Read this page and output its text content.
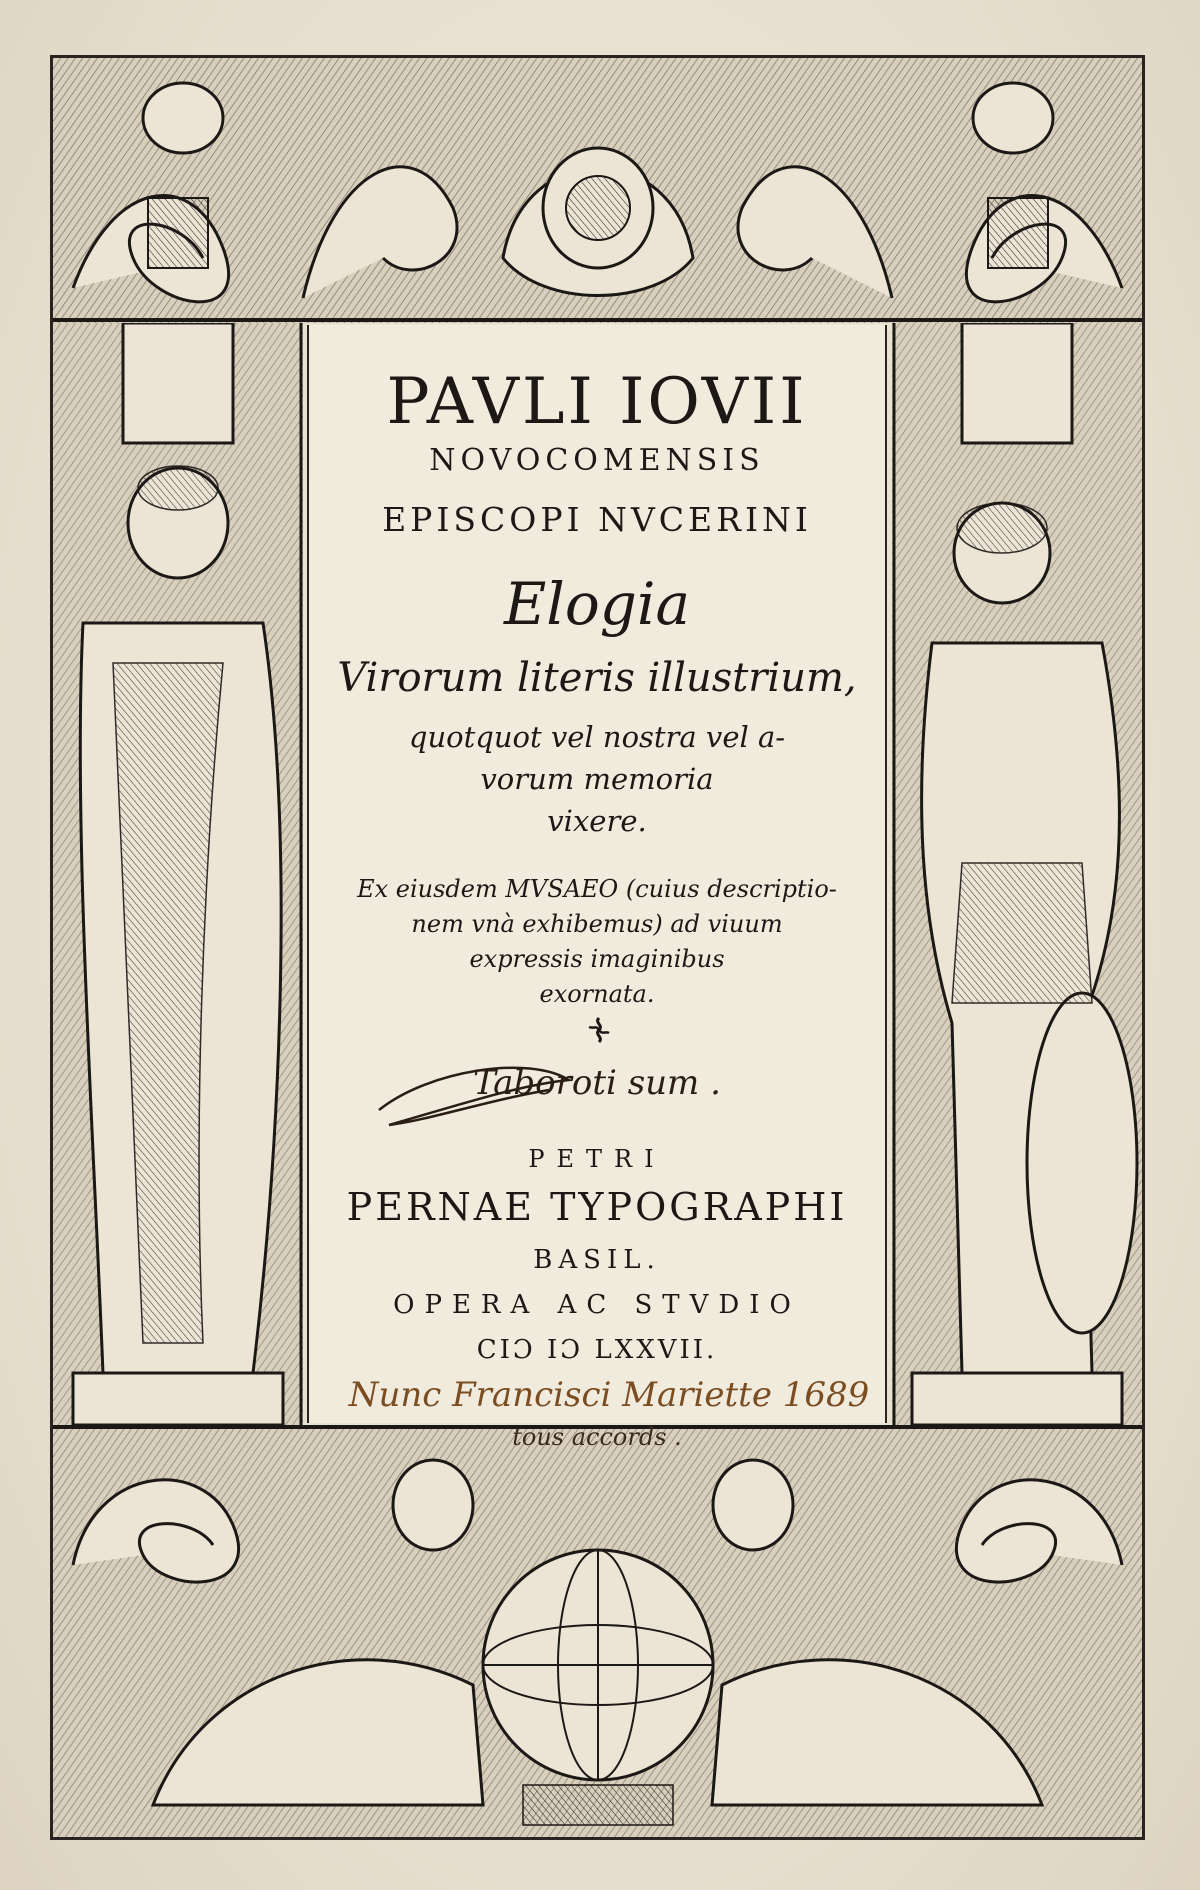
PAVLI IOVII
NOVOCOMENSIS
EPISCOPI NVCERINI
Elogia
Virorum literis illustrium,
quotquot vel nostra vel a-
vorum memoria
vixere.
Ex eiusdem MVSAEO (cuius descriptio-
nem vnà exhibemus) ad viuum
expressis imaginibus
exornata.
Taboroti sum .
PETRI
PERNAE TYPOGRAPHI
BASIL.
OPERA AC STVDIO
CIƆ IƆ LXXVII.
Nunc Francisci Mariette 1689
tous accords .
